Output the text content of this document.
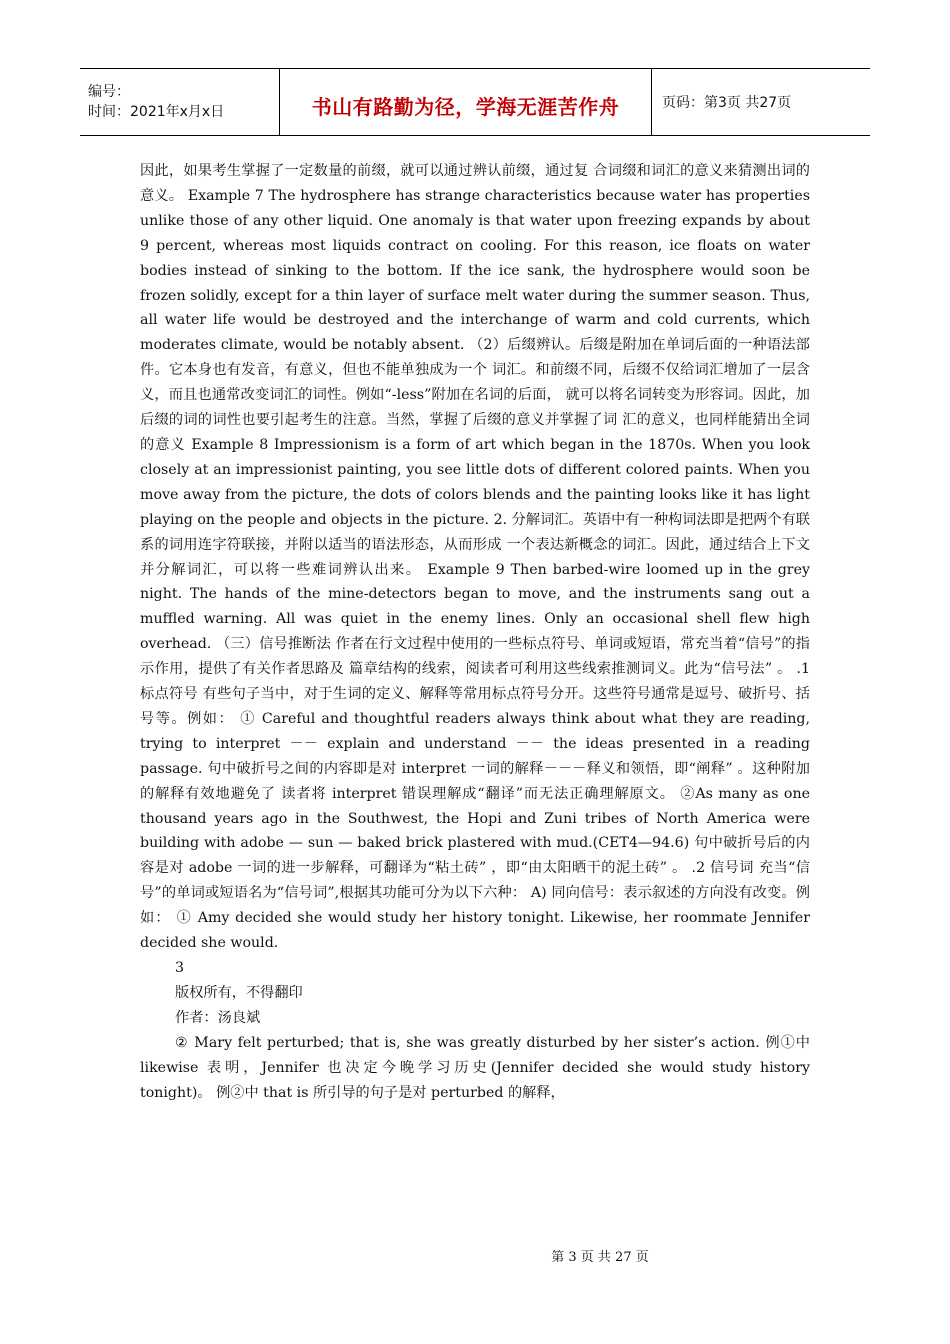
编号：
时间：2021年x月x日	书山有路勤为径，学海无涯苦作舟	页码：第3页 共27页

因此，如果考生掌握了一定数量的前缀，就可以通过辨认前缀，通过复 合词缀和词汇的意义来猜测出词的意义。 Example 7 The hydrosphere has strange characteristics because water has properties unlike those of any other liquid. One anomaly is that water upon freezing expands by about 9 percent, whereas most liquids contract on cooling. For this reason, ice floats on water bodies instead of sinking to the bottom. If the ice sank, the hydrosphere would soon be frozen solidly, except for a thin layer of surface melt water during the summer season. Thus, all water life would be destroyed and the interchange of warm and cold currents, which moderates climate, would be notably absent. （2）后缀辨认。后缀是附加在单词后面的一种语法部件。它本身也有发音，有意义，但也不能单独成为一个 词汇。和前缀不同，后缀不仅给词汇增加了一层含义，而且也通常改变词汇的词性。例如“-less”附加在名词的后面， 就可以将名词转变为形容词。因此，加后缀的词的词性也要引起考生的注意。当然，掌握了后缀的意义并掌握了词 汇的意义，也同样能猜出全词的意义 Example 8 Impressionism is a form of art which began in the 1870s. When you look closely at an impressionist painting, you see little dots of different colored paints. When you move away from the picture, the dots of colors blends and the painting looks like it has light playing on the people and objects in the picture. 2. 分解词汇。英语中有一种构词法即是把两个有联系的词用连字符联接，并附以适当的语法形态，从而形成 一个表达新概念的词汇。因此，通过结合上下文并分解词汇，可以将一些难词辨认出来。 Example 9 Then barbed-wire loomed up in the grey night. The hands of the mine-detectors began to move, and the instruments sang out a muffled warning. All was quiet in the enemy lines. Only an occasional shell flew high overhead. （三）信号推断法 作者在行文过程中使用的一些标点符号、单词或短语，常充当着“信号”的指示作用，提供了有关作者思路及 篇章结构的线索，阅读者可利用这些线索推测词义。此为“信号法” 。 .1 标点符号 有些句子当中，对于生词的定义、解释等常用标点符号分开。这些符号通常是逗号、破折号、括号等。例如： ① Careful and thoughtful readers always think about what they are reading, trying to interpret －－ explain and understand －－ the ideas presented in a reading passage. 句中破折号之间的内容即是对 interpret 一词的解释－－－释义和领悟，即“阐释” 。这种附加的解释有效地避免了 读者将 interpret 错误理解成“翻译”而无法正确理解原文。 ②As many as one thousand years ago in the Southwest, the Hopi and Zuni tribes of North America were building with adobe — sun — baked brick plastered with mud.(CET4—94.6) 句中破折号后的内容是对 adobe 一词的进一步解释，可翻译为“粘土砖” ，即“由太阳晒干的泥土砖” 。 .2 信号词 充当“信号”的单词或短语名为“信号词”,根据其功能可分为以下六种： A) 同向信号：表示叙述的方向没有改变。例如： ① Amy decided she would study her history tonight. Likewise, her roommate Jennifer decided she would.

3

版权所有，不得翻印

作者：汤良斌

② Mary felt perturbed; that is, she was greatly disturbed by her sister’s action. 例①中 likewise 表明，Jennifer 也决定今晚学习历史(Jennifer decided she would study history tonight)。 例②中 that is 所引导的句子是对 perturbed 的解释，

第 3 页 共 27 页
